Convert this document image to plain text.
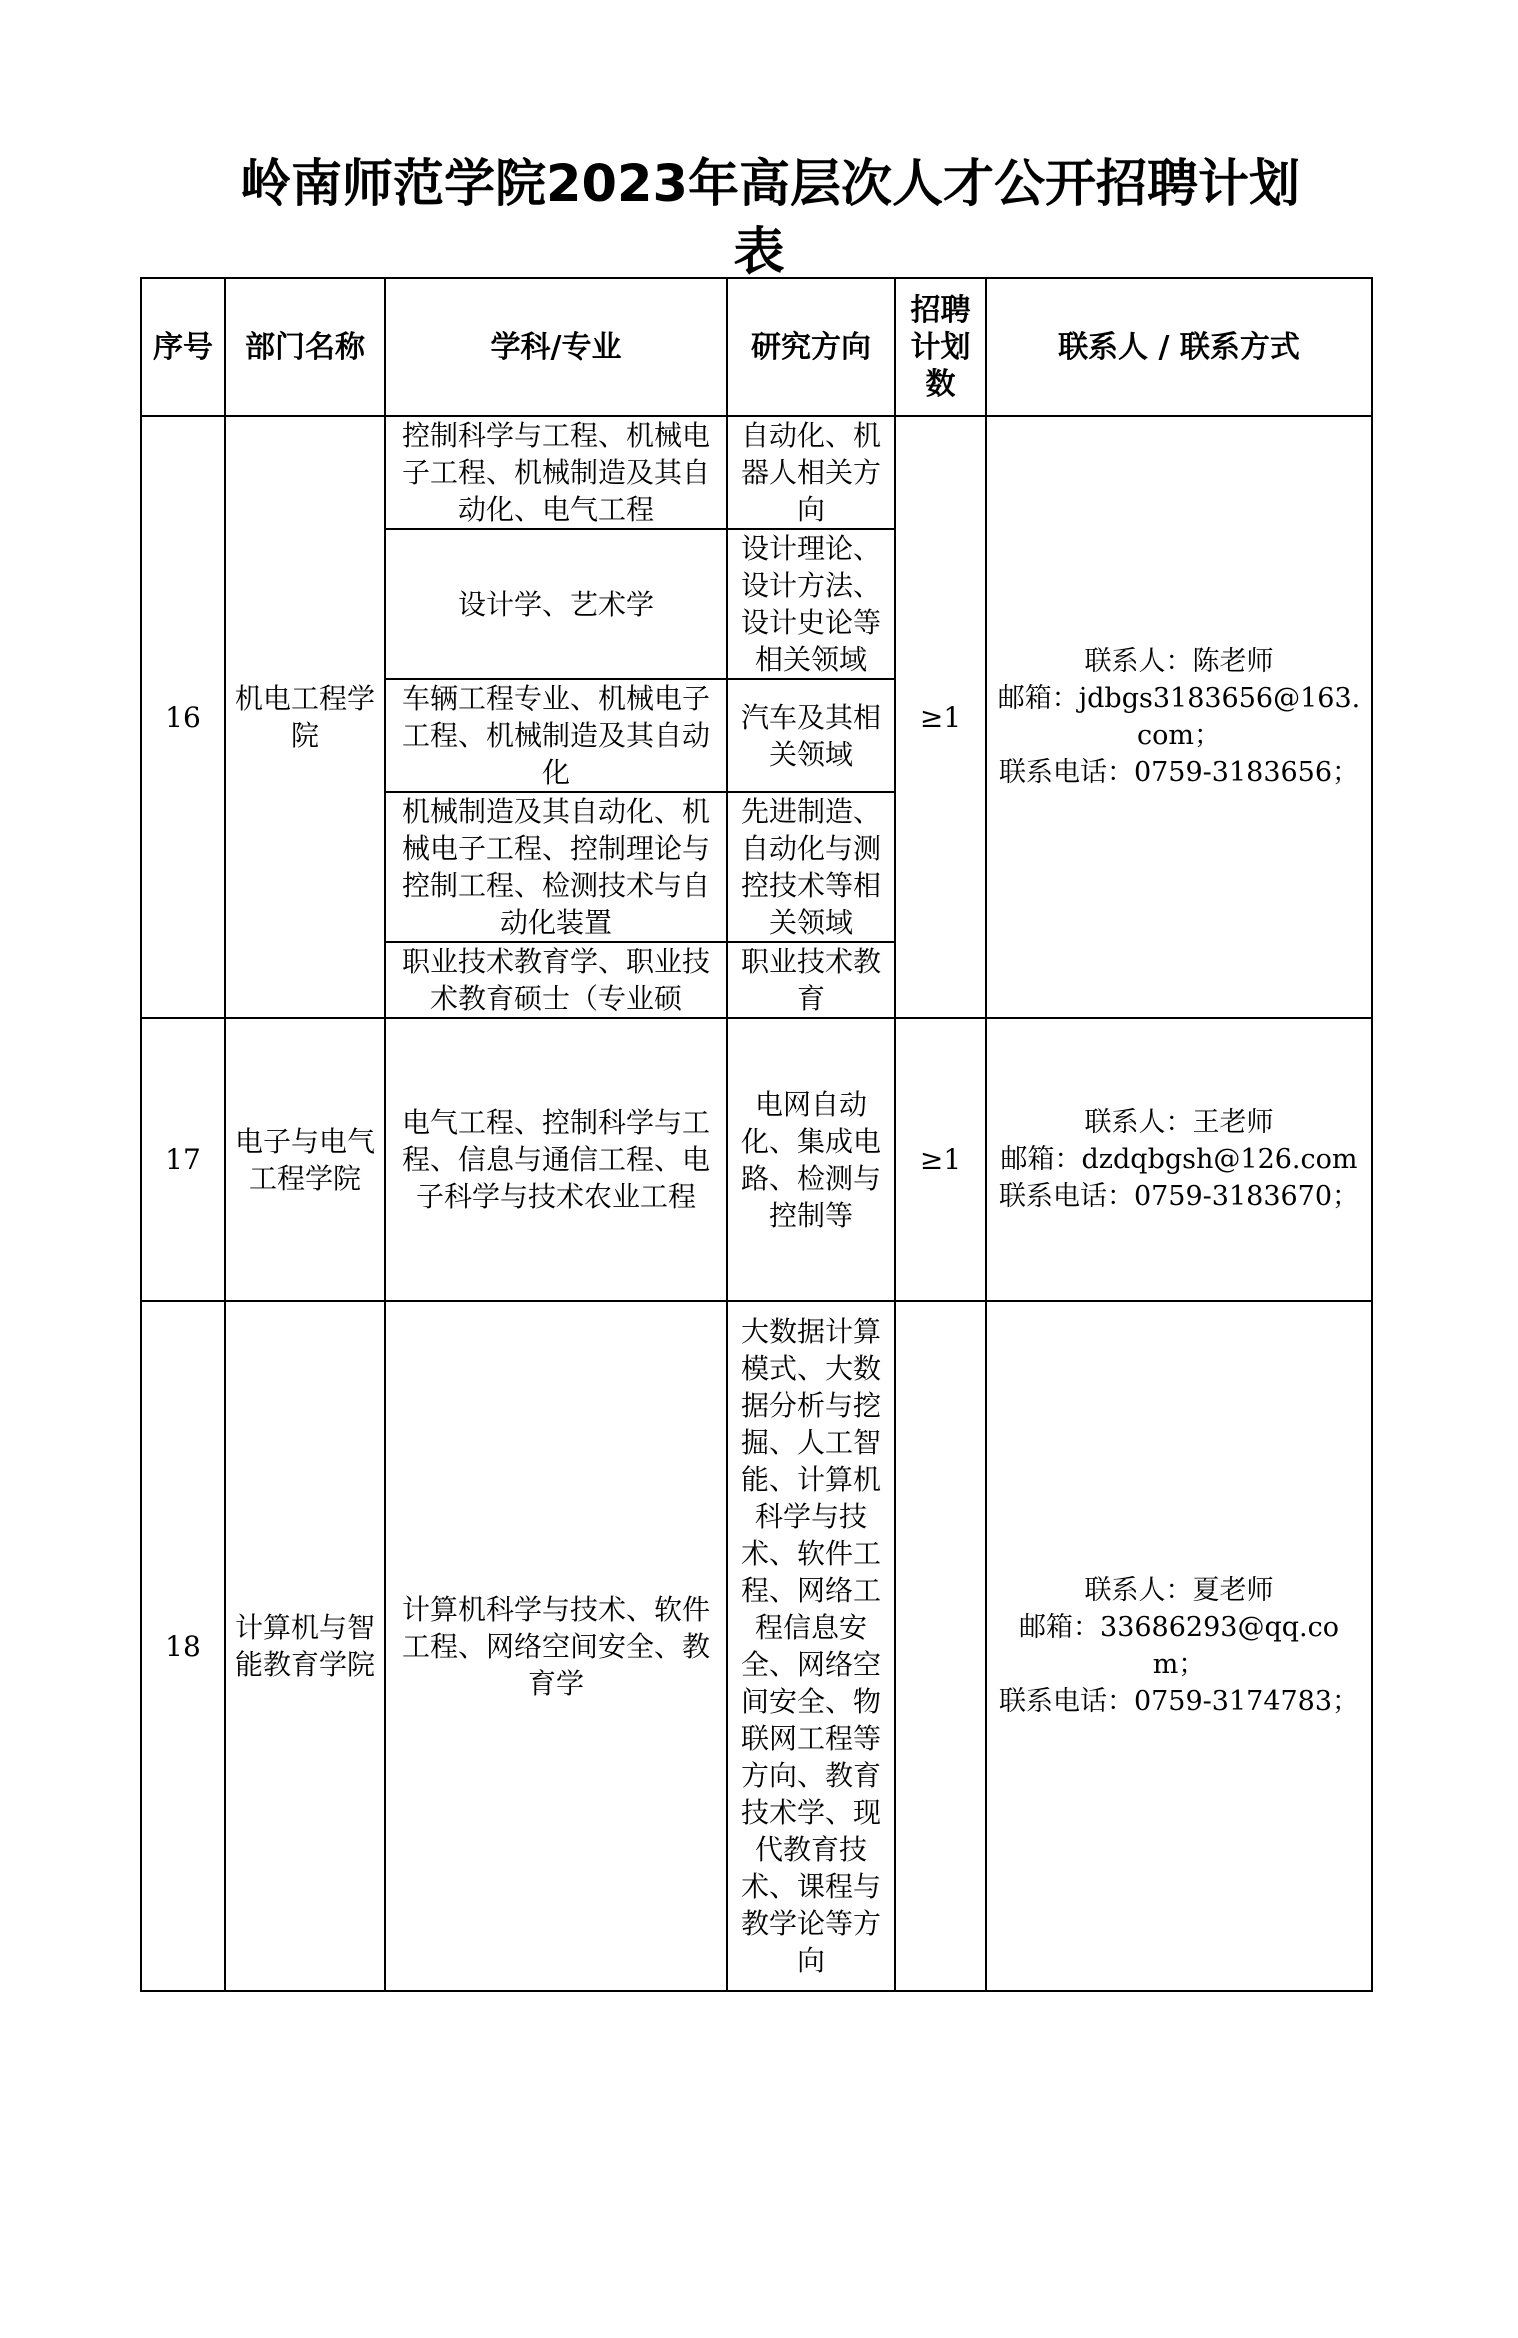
岭南师范学院2023年高层次人才公开招聘计划
表
序号	部门名称	学科/专业	研究方向	招聘计划数	联系人 / 联系方式
16	机电工程学院	控制科学与工程、机械电子工程、机械制造及其自动化、电气工程	自动化、机器人相关方向	≥1	联系人：陈老师
邮箱：jdbgs3183656@163.com；
联系电话：0759-3183656；

		设计学、艺术学	设计理论、设计方法、设计史论等相关领域		
		车辆工程专业、机械电子工程、机械制造及其自动化	汽车及其相关领域		
		机械制造及其自动化、机械电子工程、控制理论与控制工程、检测技术与自动化装置	先进制造、自动化与测控技术等相关领域		

		职业技术教育学、职业技术教育硕士（专业硕	职业技术教育		
17	电子与电气工程学院	电气工程、控制科学与工程、信息与通信工程、电子科学与技术农业工程	电网自动化、集成电路、检测与控制等	≥1	联系人：王老师
邮箱：dzdqbgsh@126.com
联系电话：0759-3183670；

18	计算机与智能教育学院	计算机科学与技术、软件工程、网络空间安全、教育学	大数据计算模式、大数据分析与挖掘、人工智能、计算机科学与技术、软件工程、网络工程信息安全、网络空间安全、物联网工程等方向、教育技术学、现代教育技术、课程与教学论等方向		联系人：夏老师
邮箱：33686293@qq.com；
联系电话：0759-3174783；
